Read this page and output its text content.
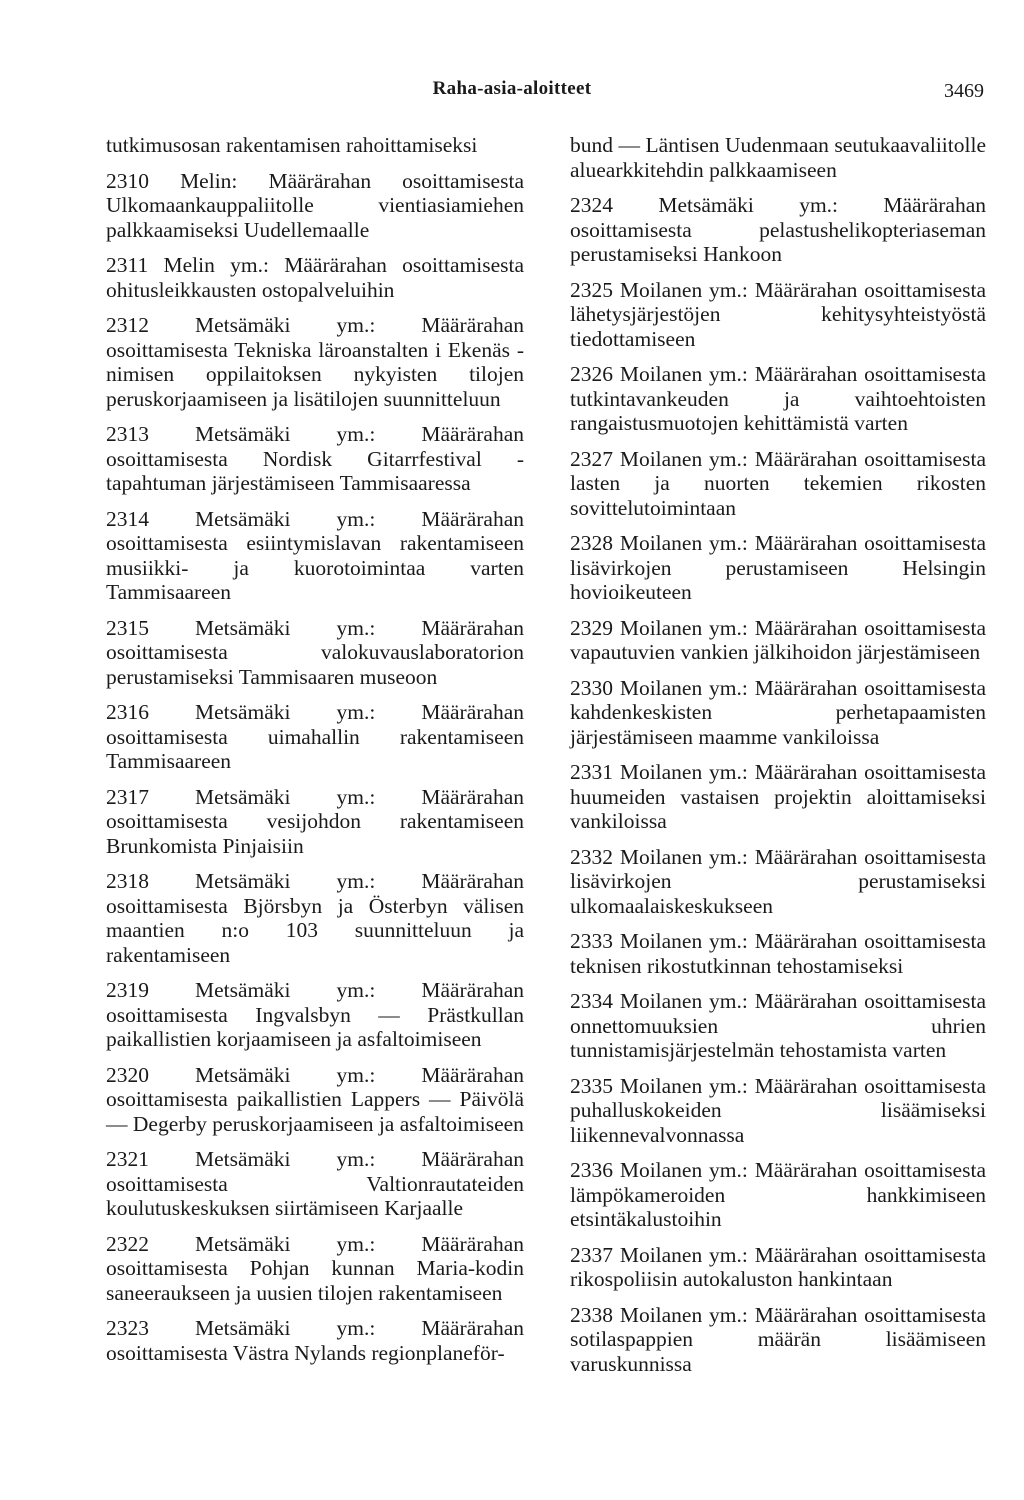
Raha-asia-aloitteet	3469

tutkimusosan rakentamisen rahoittamiseksi

2310 Melin: Määrärahan osoittamisesta Ulkomaankauppaliitolle vientiasiamiehen palkkaamiseksi Uudellemaalle

2311 Melin ym.: Määrärahan osoittamisesta ohitusleikkausten ostopalveluihin

2312 Metsämäki ym.: Määrärahan osoittamisesta Tekniska läroanstalten i Ekenäs -nimisen oppilaitoksen nykyisten tilojen peruskorjaamiseen ja lisätilojen suunnitteluun

2313 Metsämäki ym.: Määrärahan osoittamisesta Nordisk Gitarrfestival -tapahtuman järjestämiseen Tammisaaressa

2314 Metsämäki ym.: Määrärahan osoittamisesta esiintymislavan rakentamiseen musiikki- ja kuorotoimintaa varten Tammisaareen

2315 Metsämäki ym.: Määrärahan osoittamisesta valokuvauslaboratorion perustamiseksi Tammisaaren museoon

2316 Metsämäki ym.: Määrärahan osoittamisesta uimahallin rakentamiseen Tammisaareen

2317 Metsämäki ym.: Määrärahan osoittamisesta vesijohdon rakentamiseen Brunkomista Pinjaisiin

2318 Metsämäki ym.: Määrärahan osoittamisesta Björsbyn ja Österbyn välisen maantien n:o 103 suunnitteluun ja rakentamiseen

2319 Metsämäki ym.: Määrärahan osoittamisesta Ingvalsbyn — Prästkullan paikallistien korjaamiseen ja asfaltoimiseen

2320 Metsämäki ym.: Määrärahan osoittamisesta paikallistien Lappers — Päivölä — Degerby peruskorjaamiseen ja asfaltoimiseen

2321 Metsämäki ym.: Määrärahan osoittamisesta Valtionrautateiden koulutuskeskuksen siirtämiseen Karjaalle

2322 Metsämäki ym.: Määrärahan osoittamisesta Pohjan kunnan Maria-kodin saneeraukseen ja uusien tilojen rakentamiseen

2323 Metsämäki ym.: Määrärahan osoittamisesta Västra Nylands regionplaneför-

bund — Läntisen Uudenmaan seutukaavaliitolle aluearkkitehdin palkkaamiseen

2324 Metsämäki ym.: Määrärahan osoittamisesta pelastushelikopteriaseman perustamiseksi Hankoon

2325 Moilanen ym.: Määrärahan osoittamisesta lähetysjärjestöjen kehitysyhteistyöstä tiedottamiseen

2326 Moilanen ym.: Määrärahan osoittamisesta tutkintavankeuden ja vaihtoehtoisten rangaistusmuotojen kehittämistä varten

2327 Moilanen ym.: Määrärahan osoittamisesta lasten ja nuorten tekemien rikosten sovittelutoimintaan

2328 Moilanen ym.: Määrärahan osoittamisesta lisävirkojen perustamiseen Helsingin hovioikeuteen

2329 Moilanen ym.: Määrärahan osoittamisesta vapautuvien vankien jälkihoidon järjestämiseen

2330 Moilanen ym.: Määrärahan osoittamisesta kahdenkeskisten perhetapaamisten järjestämiseen maamme vankiloissa

2331 Moilanen ym.: Määrärahan osoittamisesta huumeiden vastaisen projektin aloittamiseksi vankiloissa

2332 Moilanen ym.: Määrärahan osoittamisesta lisävirkojen perustamiseksi ulkomaalaiskeskukseen

2333 Moilanen ym.: Määrärahan osoittamisesta teknisen rikostutkinnan tehostamiseksi

2334 Moilanen ym.: Määrärahan osoittamisesta onnettomuuksien uhrien tunnistamisjärjestelmän tehostamista varten

2335 Moilanen ym.: Määrärahan osoittamisesta puhalluskokeiden lisäämiseksi liikennevalvonnassa

2336 Moilanen ym.: Määrärahan osoittamisesta lämpökameroiden hankkimiseen etsintäkalustoihin

2337 Moilanen ym.: Määrärahan osoittamisesta rikospoliisin autokaluston hankintaan

2338 Moilanen ym.: Määrärahan osoittamisesta sotilaspappien määrän lisäämiseen varuskunnissa
